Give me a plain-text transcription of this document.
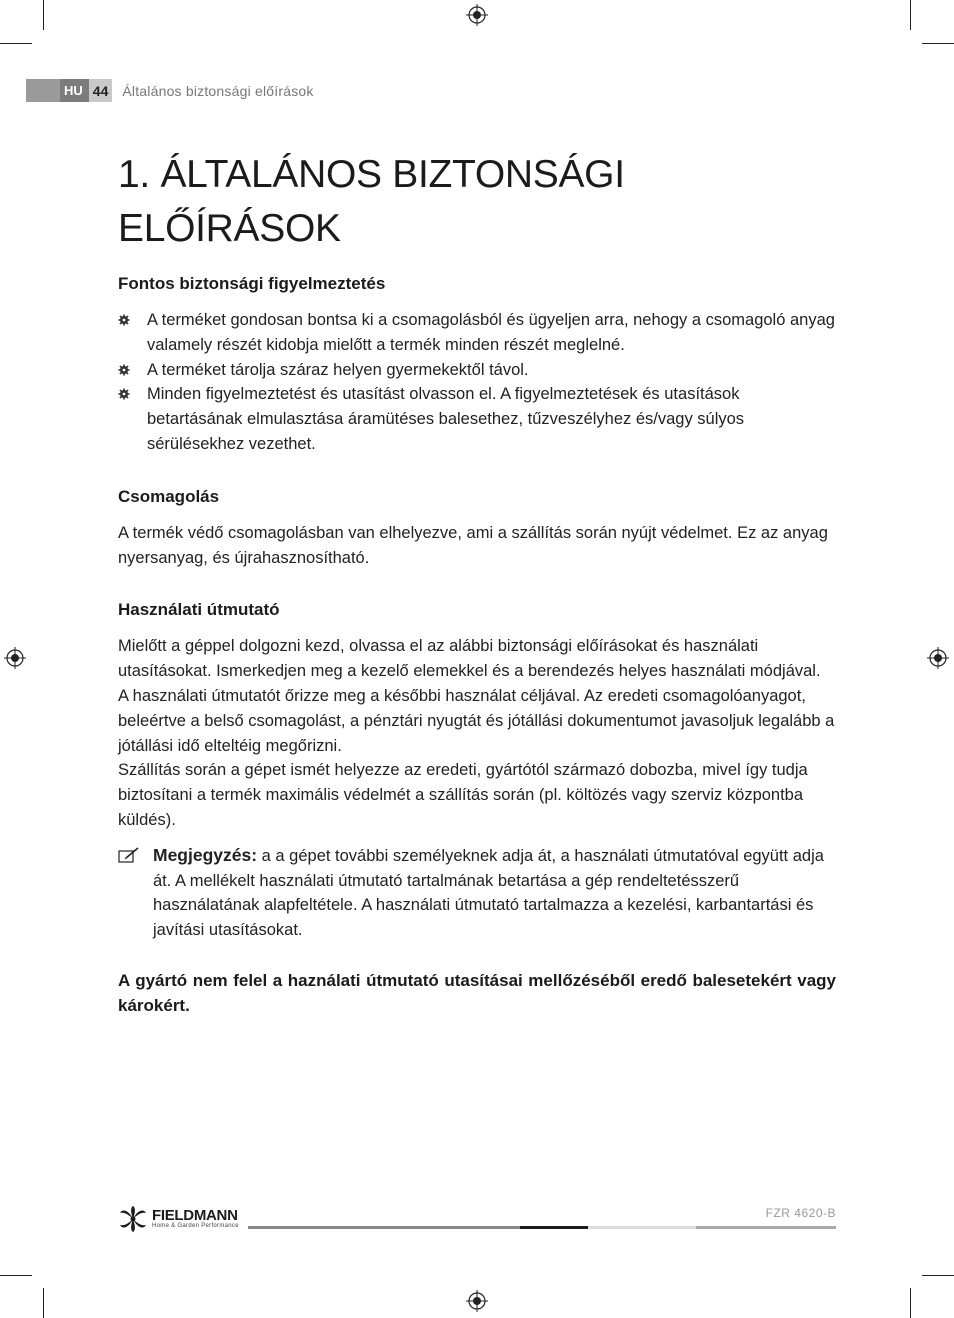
HU 44 Általános biztonsági előírások
1. ÁLTALÁNOS BIZTONSÁGI ELŐÍRÁSOK
Fontos biztonsági figyelmeztetés
A terméket gondosan bontsa ki a csomagolásból és ügyeljen arra, nehogy a csomagoló anyag valamely részét kidobja mielőtt a termék minden részét meglelné.
A terméket tárolja száraz helyen gyermekektől távol.
Minden figyelmeztetést és utasítást olvasson el. A figyelmeztetések és utasítások betartásának elmulasztása áramütéses balesethez, tűzveszélyhez és/vagy súlyos sérülésekhez vezethet.
Csomagolás

A termék védő csomagolásban van elhelyezve, ami a szállítás során nyújt védelmet. Ez az anyag nyersanyag, és újrahasznosítható.

Használati útmutató

Mielőtt a géppel dolgozni kezd, olvassa el az alábbi biztonsági előírásokat és használati utasításokat. Ismerkedjen meg a kezelő elemekkel és a berendezés helyes használati módjával.

A használati útmutatót őrizze meg a későbbi használat céljával. Az eredeti csomagolóanyagot, beleértve a belső csomagolást, a pénztári nyugtát és jótállási dokumentumot javasoljuk legalább a jótállási idő elteltéig megőrizni.

Szállítás során a gépet ismét helyezze az eredeti, gyártótól származó dobozba, mivel így tudja biztosítani a termék maximális védelmét a szállítás során (pl. költözés vagy szerviz központba küldés).

Megjegyzés: a a gépet további személyeknek adja át, a használati útmutatóval együtt adja át. A mellékelt használati útmutató tartalmának betartása a gép rendeltetésszerű használatának alapfeltétele. A használati útmutató tartalmazza a kezelési, karbantartási és javítási utasításokat.
A gyártó nem felel a haználati útmutató utasításai mellőzéséből eredő balesetekért vagy károkért.
FIELDMANN
Home & Garden Performance
FZR 4620-B
